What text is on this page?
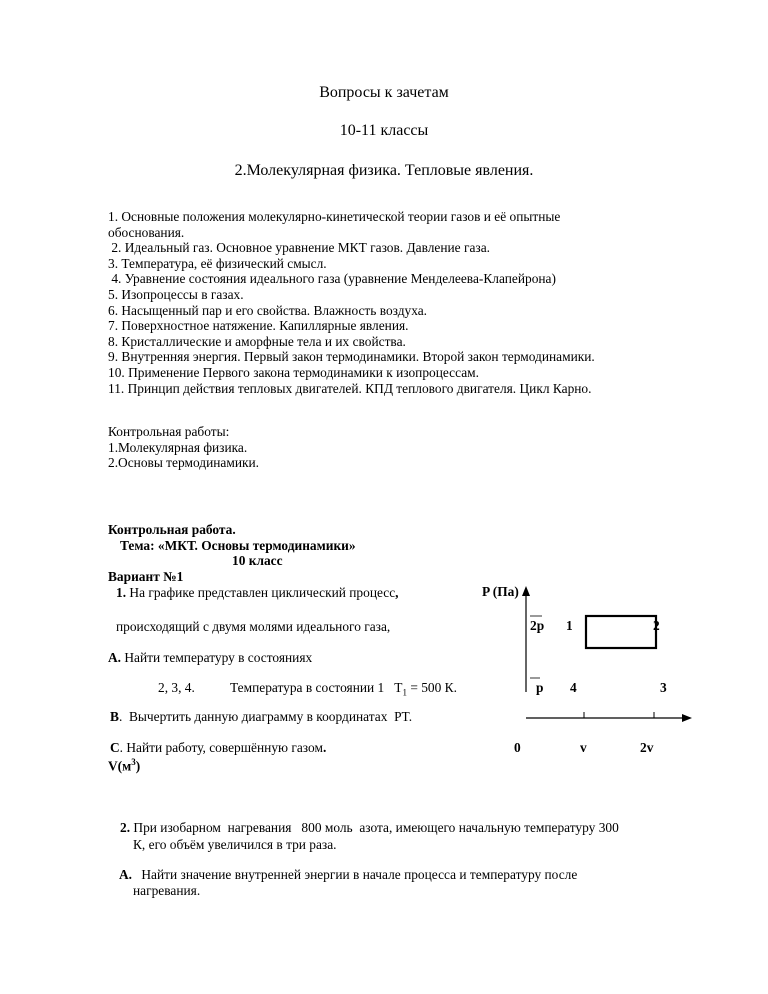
Вопросы к зачетам
10-11 классы
2.Молекулярная физика. Тепловые явления.
1. Основные положения молекулярно-кинетической теории газов и её опытные
обоснования.
2. Идеальный газ. Основное уравнение МКТ газов. Давление газа.
3. Температура, её физический смысл.
4. Уравнение состояния идеального газа (уравнение Менделеева-Клапейрона)
5. Изопроцессы в газах.
6. Насыщенный пар и его свойства. Влажность воздуха.
7. Поверхностное натяжение. Капиллярные явления.
8. Кристаллические и аморфные тела и их свойства.
9. Внутренняя энергия. Первый закон термодинамики. Второй закон термодинамики.
10. Применение Первого закона термодинамики к изопроцессам.
11. Принцип действия тепловых двигателей. КПД теплового двигателя. Цикл Карно.
Контрольная работы:
1.Молекулярная физика.
2.Основы термодинамики.
Контрольная работа.
Тема: «МКТ. Основы термодинамики»
10 класс
Вариант №1
1. На графике представлен циклический процесс,
происходящий с двумя молями идеального газа,
А. Найти температуру в состояниях
2, 3, 4.	Температура в состоянии 1   $T_1 = 500$ К.
В.  Вычертить данную диаграмму в координатах  PT.
С. Найти работу, совершённую газом.
$V(м^3)$
P (Па)
2p
p
0	v	2v
1	2
3
4
2. При изобарном  нагревания   800 моль  азота, имеющего начальную температуру 300
К, его объём увеличился в три раза.
А. Найти значение внутренней энергии в начале процесса и температуру после
нагревания.
